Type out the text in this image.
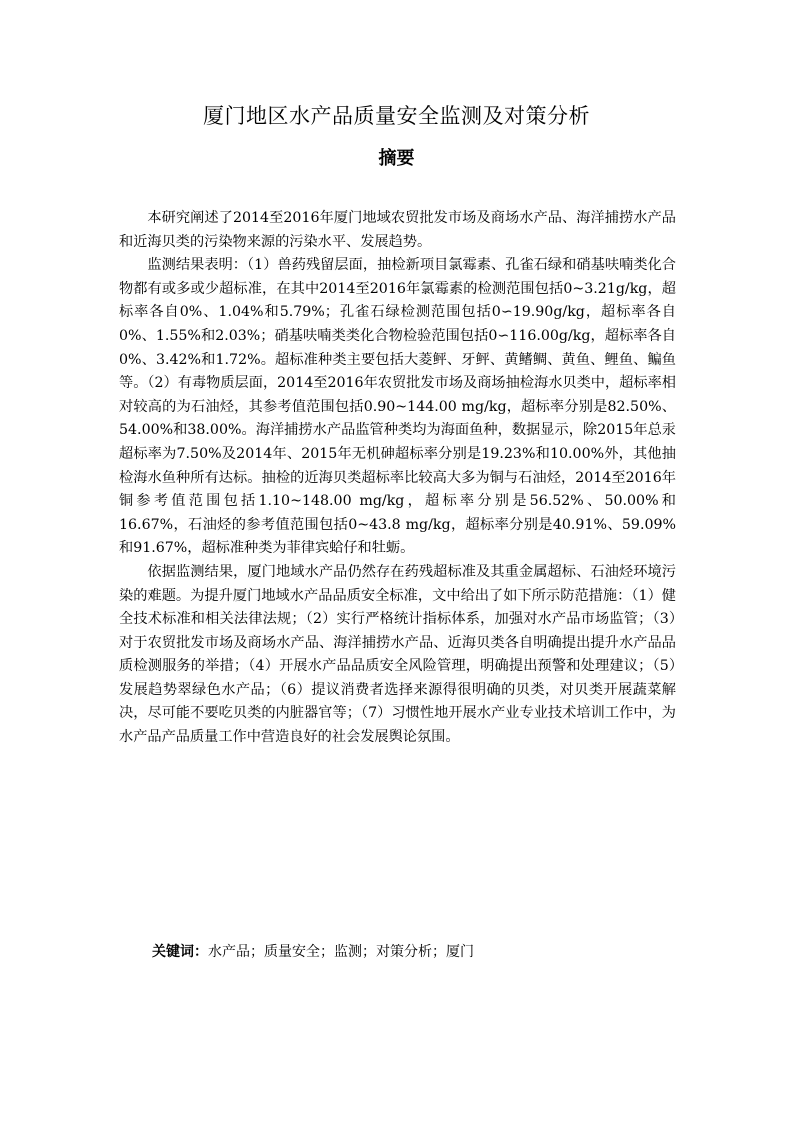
厦门地区水产品质量安全监测及对策分析
摘要

本研究阐述了2014至2016年厦门地域农贸批发市场及商场水产品、海洋捕捞水产品和近海贝类的污染物来源的污染水平、发展趋势。

监测结果表明：（1）兽药残留层面，抽检新项目氯霉素、孔雀石绿和硝基呋喃类化合物都有或多或少超标准，在其中2014至2016年氯霉素的检测范围包括0~3.21g/kg，超标率各自0%、1.04%和5.79%；孔雀石绿检测范围包括0∽19.90g/kg，超标率各自0%、1.55%和2.03%；硝基呋喃类类化合物检验范围包括0∽116.00g/kg，超标率各自0%、3.42%和1.72%。超标准种类主要包括大菱鲆、牙鲆、黄鳍鲷、黄鱼、鲤鱼、鳊鱼等。（2）有毒物质层面，2014至2016年农贸批发市场及商场抽检海水贝类中，超标率相对较高的为石油烃，其参考值范围包括0.90~144.00 mg/kg，超标率分别是82.50%、54.00%和38.00%。海洋捕捞水产品监管种类均为海面鱼种，数据显示，除2015年总汞超标率为7.50%及2014年、2015年无机砷超标率分别是19.23%和10.00%外，其他抽检海水鱼种所有达标。抽检的近海贝类超标率比较高大多为铜与石油烃，2014至2016年铜参考值范围包括1.10~148.00 mg/kg，超标率分别是56.52%、50.00%和16.67%，石油烃的参考值范围包括0~43.8 mg/kg，超标率分别是40.91%、59.09%和91.67%，超标准种类为菲律宾蛤仔和牡蛎。

依据监测结果，厦门地域水产品仍然存在药残超标准及其重金属超标、石油烃环境污染的难题。为提升厦门地域水产品品质安全标准，文中给出了如下所示防范措施：（1）健全技术标准和相关法律法规；（2）实行严格统计指标体系，加强对水产品市场监管；（3）对于农贸批发市场及商场水产品、海洋捕捞水产品、近海贝类各自明确提出提升水产品品质检测服务的举措；（4）开展水产品品质安全风险管理，明确提出预警和处理建议；（5）发展趋势翠绿色水产品；（6）提议消费者选择来源得很明确的贝类，对贝类开展蔬菜解决，尽可能不要吃贝类的内脏器官等；（7）习惯性地开展水产业专业技术培训工作中，为水产品产品质量工作中营造良好的社会发展舆论氛围。

关键词：水产品；质量安全；监测；对策分析；厦门
